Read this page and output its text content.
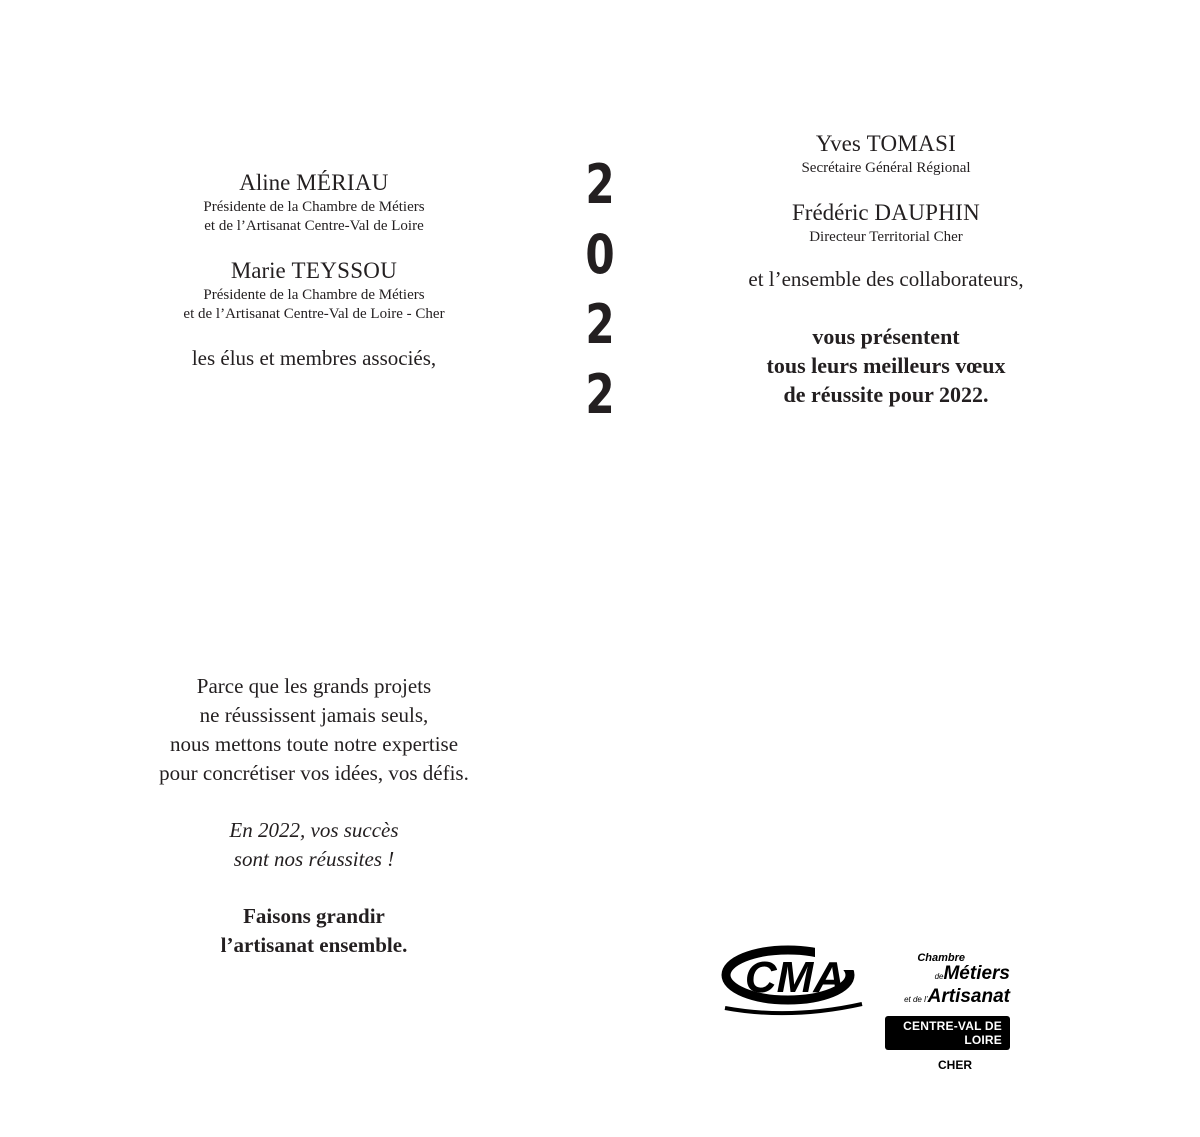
Aline MÉRIAU
Présidente de la Chambre de Métiers
et de l’Artisanat Centre-Val de Loire
Marie TEYSSOU
Présidente de la Chambre de Métiers
et de l’Artisanat Centre-Val de Loire - Cher
les élus et membres associés,
2
0
2
2
Yves TOMASI
Secrétaire Général Régional
Frédéric DAUPHIN
Directeur Territorial Cher
et l’ensemble des collaborateurs,
vous présentent
tous leurs meilleurs vœux
de réussite pour 2022.
Parce que les grands projets
ne réussissent jamais seuls,
nous mettons toute notre expertise
pour concrétiser vos idées, vos défis.
En 2022, vos succès
sont nos réussites !
Faisons grandir
l’artisanat ensemble.
CMA	Chambre
deMétiers
et de l’Artisanat
CENTRE-VAL DE LOIRE
CHER
